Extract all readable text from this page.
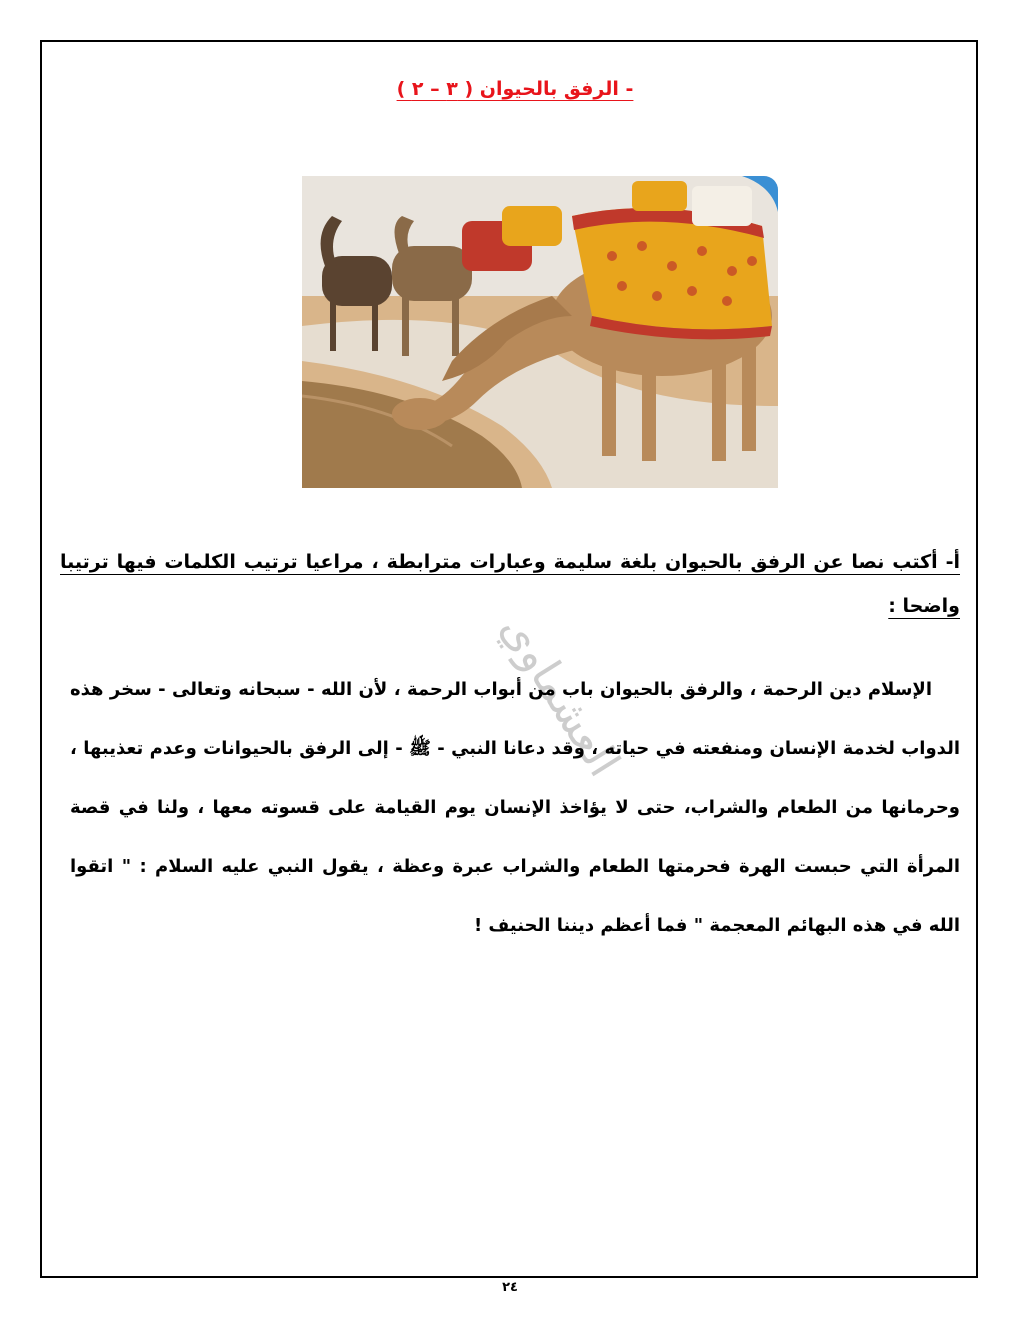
- الرفق بالحيوان ( ٣ – ٢ )
أ- أكتب نصا عن الرفق بالحيوان بلغة سليمة وعبارات مترابطة ، مراعيا ترتيب الكلمات فيها ترتيبا واضحا :
العشماوي
الإسلام دين الرحمة ، والرفق بالحيوان باب من أبواب الرحمة ، لأن الله - سبحانه وتعالى - سخر هذه الدواب لخدمة الإنسان ومنفعته في حياته ، وقد دعانا النبي - ﷺ - إلى الرفق بالحيوانات وعدم تعذيبها ، وحرمانها من الطعام والشراب، حتى لا يؤاخذ الإنسان يوم القيامة على قسوته معها ، ولنا في قصة المرأة التي حبست الهرة فحرمتها الطعام والشراب عبرة وعظة ، يقول النبي عليه السلام : " اتقوا الله في هذه البهائم المعجمة " فما أعظم ديننا الحنيف !
٢٤
